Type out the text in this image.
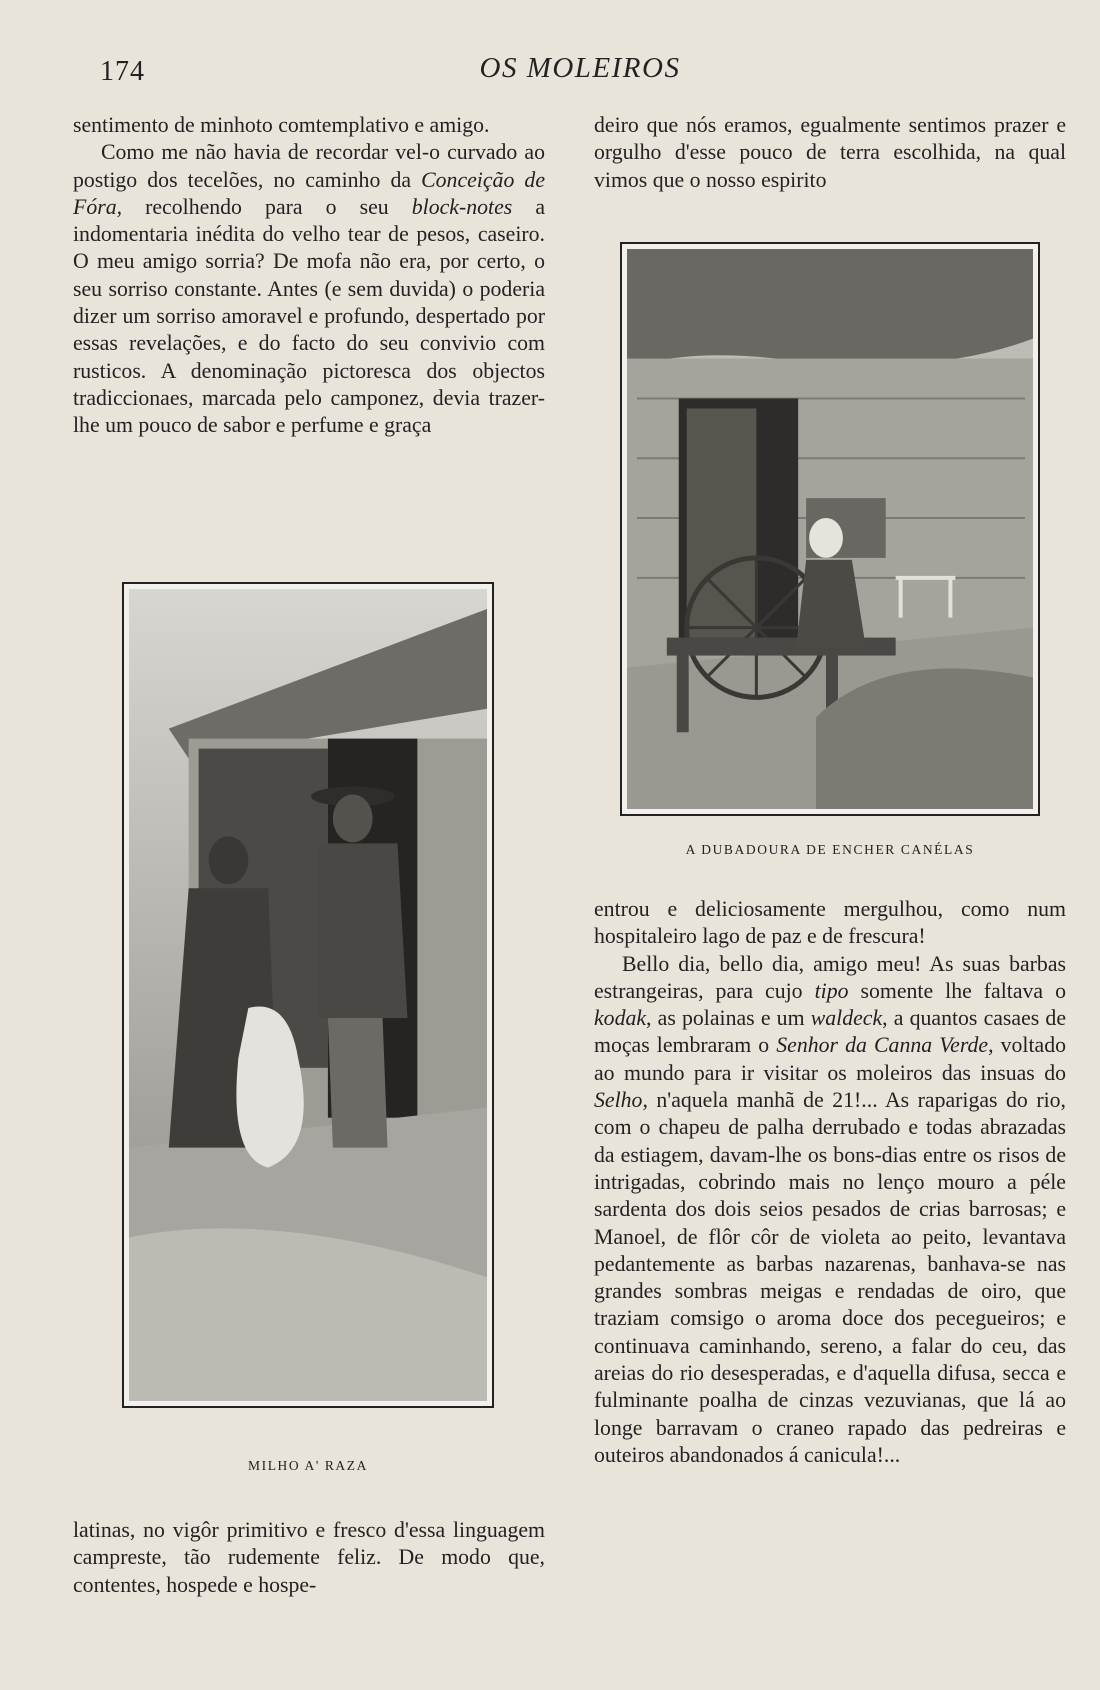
174	OS MOLEIROS

sentimento de minhoto comtemplativo e amigo.

Como me não havia de recordar vel-o curvado ao postigo dos tecelões, no caminho da Conceição de Fóra, recolhendo para o seu block-notes a indomentaria inédita do velho tear de pesos, caseiro. O meu amigo sorria? De mofa não era, por certo, o seu sorriso constante. Antes (e sem duvida) o poderia dizer um sorriso amoravel e profundo, despertado por essas revelações, e do facto do seu convivio com rusticos. A denominação pictoresca dos objectos tradiccionaes, marcada pelo camponez, devia trazer-lhe um pouco de sabor e perfume e graça

MILHO A' RAZA

latinas, no vigôr primitivo e fresco d'essa linguagem campreste, tão rudemente feliz. De modo que, contentes, hospede e hospe-

deiro que nós eramos, egualmente sentimos prazer e orgulho d'esse pouco de terra escolhida, na qual vimos que o nosso espirito

A DUBADOURA DE ENCHER CANÉLAS

entrou e deliciosamente mergulhou, como num hospitaleiro lago de paz e de frescura!

Bello dia, bello dia, amigo meu! As suas barbas estrangeiras, para cujo tipo somente lhe faltava o kodak, as polainas e um waldeck, a quantos casaes de moças lembraram o Senhor da Canna Verde, voltado ao mundo para ir visitar os moleiros das insuas do Selho, n'aquela manhã de 21!... As raparigas do rio, com o chapeu de palha derrubado e todas abrazadas da estiagem, davam-lhe os bons-dias entre os risos de intrigadas, cobrindo mais no lenço mouro a péle sardenta dos dois seios pesados de crias barrosas; e Manoel, de flôr côr de violeta ao peito, levantava pedantemente as barbas nazarenas, banhava-se nas grandes sombras meigas e rendadas de oiro, que traziam comsigo o aroma doce dos pecegueiros; e continuava caminhando, sereno, a falar do ceu, das areias do rio desesperadas, e d'aquella difusa, secca e fulminante poalha de cinzas vezuvianas, que lá ao longe barravam o craneo rapado das pedreiras e outeiros abandonados á canicula!...
